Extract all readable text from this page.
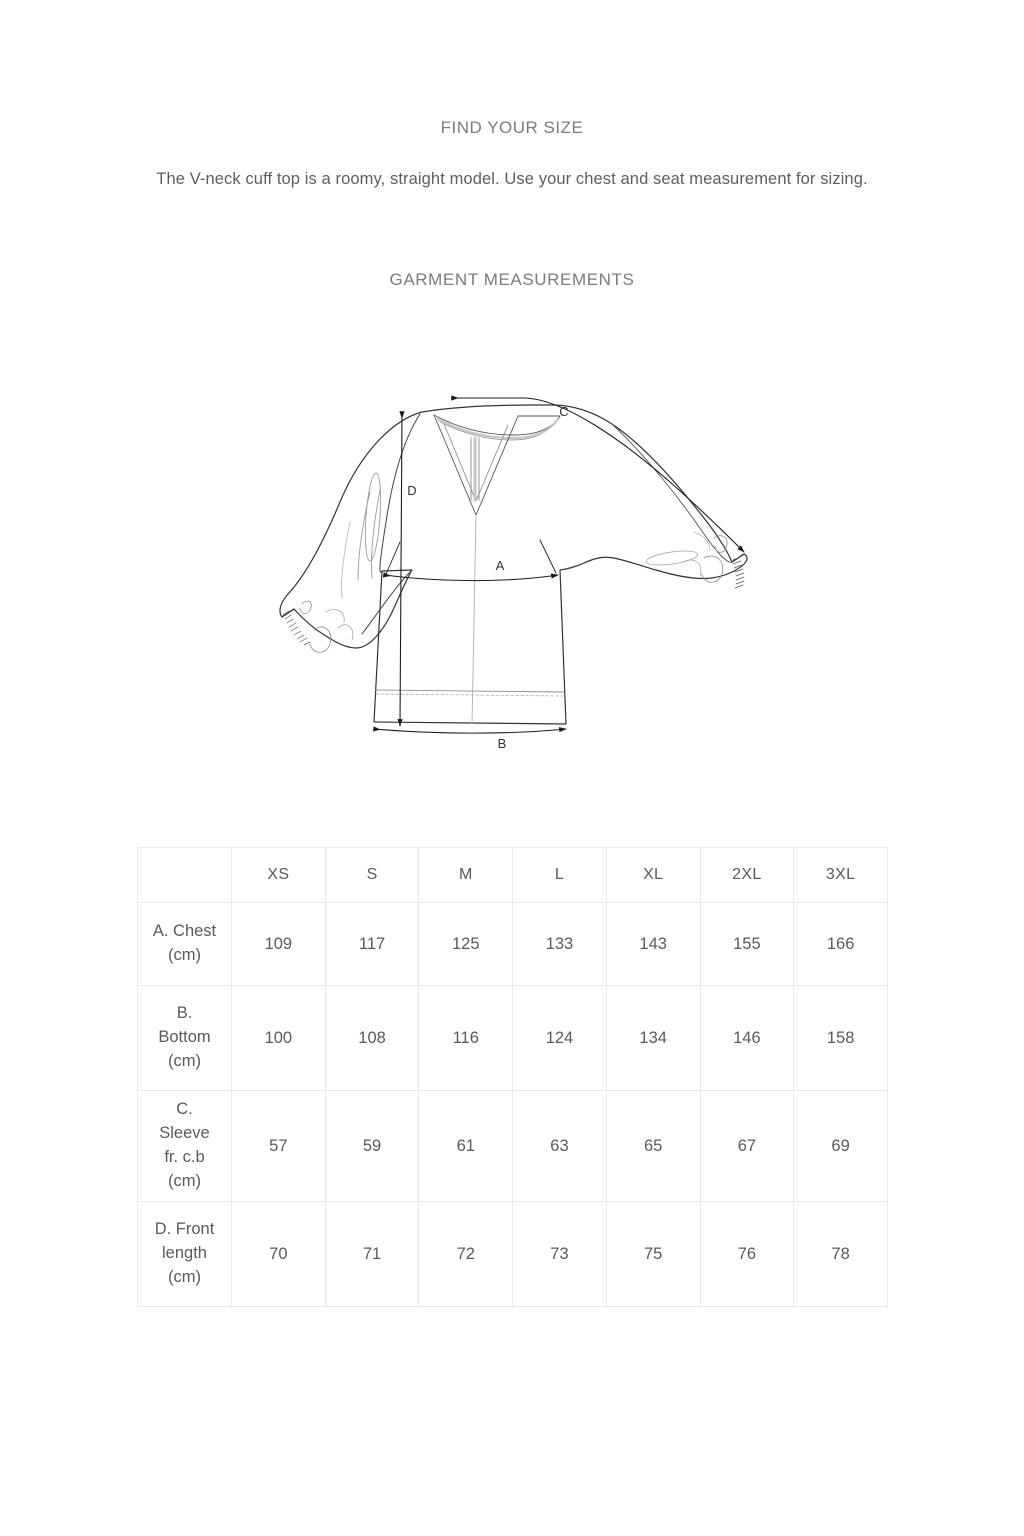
FIND YOUR SIZE
The V-neck cuff top is a roomy, straight model. Use your chest and seat measurement for sizing.
GARMENT MEASUREMENTS
A
B
C
D
	XS	S	M	L	XL	2XL	3XL

A. Chest
(cm)	109	117	125	133	143	155	166

B.
Bottom
(cm)	100	108	116	124	134	146	158

C.
Sleeve
fr. c.b
(cm)	57	59	61	63	65	67	69

D. Front
length
(cm)	70	71	72	73	75	76	78
